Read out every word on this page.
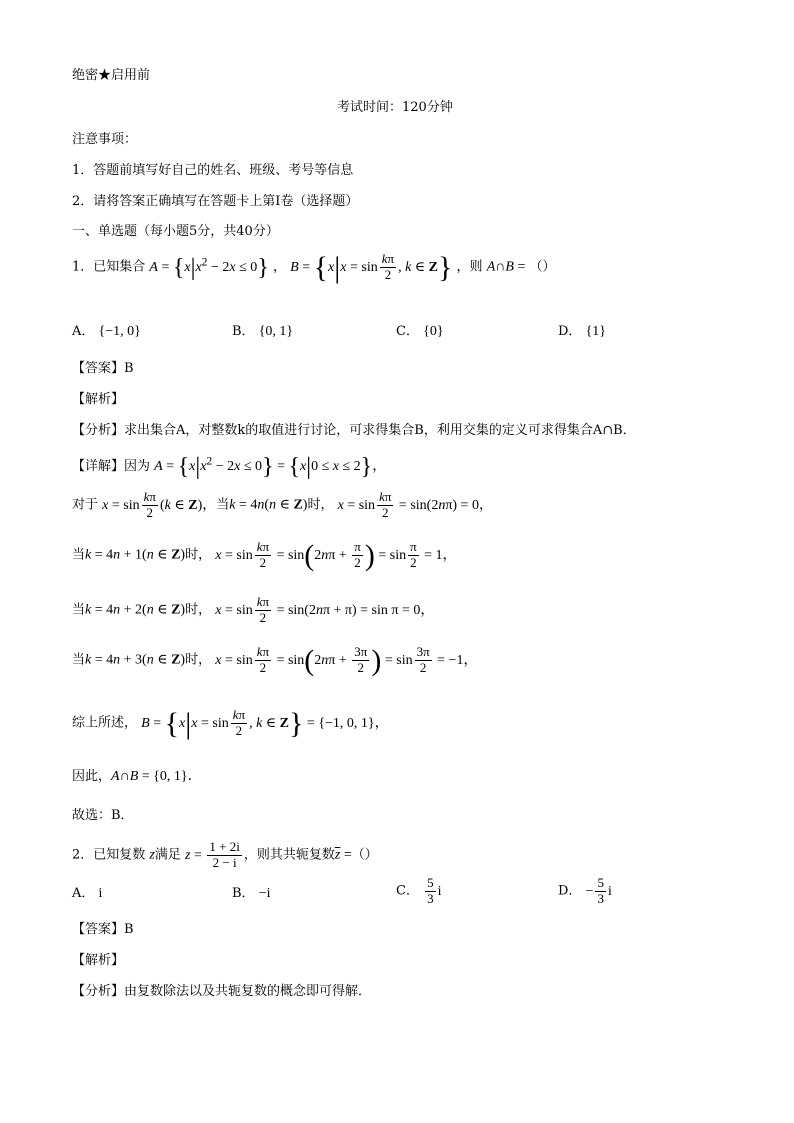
绝密★启用前
考试时间：120分钟
注意事项：
1．答题前填写好自己的姓名、班级、考号等信息
2．请将答案正确填写在答题卡上第Ⅰ卷（选择题）
一、单选题（每小题5分，共40分）
1．已知集合 $A = \{x|x^2 - 2x \le 0\}$ ， $B = \{x|x = \sin \frac{k\pi}{2}$ , k ∈ Z} ，则 A∩B = （）
A． {−1, 0}	B． {0, 1}	C． {0}	D． {1}
【答案】B
【解析】
【分析】求出集合A，对整数k的取值进行讨论，可求得集合B，利用交集的定义可求得集合A∩B．
【详解】因为 $A = \{x|x^2 - 2x \le 0\} = \{x|0 \le x \le 2\}$，
对于 $x = \sin \frac{k\pi}{2} (k$ ∈ Z)，当k = 4n(n ∈ Z)时， $x = \sin \frac{k\pi}{2} = \sin(2n\pi) = 0$，
当k = 4n + 1(n ∈ Z)时， $x = \sin \frac{k\pi}{2} = \sin(2n\pi + \frac{\pi}{2}$ ) = $\sin \frac{\pi}{2} = 1$，
当k = 4n + 2(n ∈ Z)时， $x = \sin \frac{k\pi}{2} = \sin(2n\pi + \pi) = \sin \pi = 0$，
当k = 4n + 3(n ∈ Z)时， $x = \sin \frac{k\pi}{2} = \sin(2n\pi + \frac{3\pi}{2}$ ) = $\sin \frac{3\pi}{2} = -1$，
综上所述， $B = \{x|x = \sin \frac{k\pi}{2}$ , k ∈ Z} = {−1, 0, 1}，
因此，A∩B = {0, 1}．
故选：B．
2．已知复数 z满足 $z = \frac{1 + 2i}{2 - i}$ ，则其共轭复数$\overline{z}$ =（）
A． i	B． −i	C． $\frac{5}{3}$ i	D． − $\frac{5}{3}$ i
【答案】B
【解析】
【分析】由复数除法以及共轭复数的概念即可得解．
